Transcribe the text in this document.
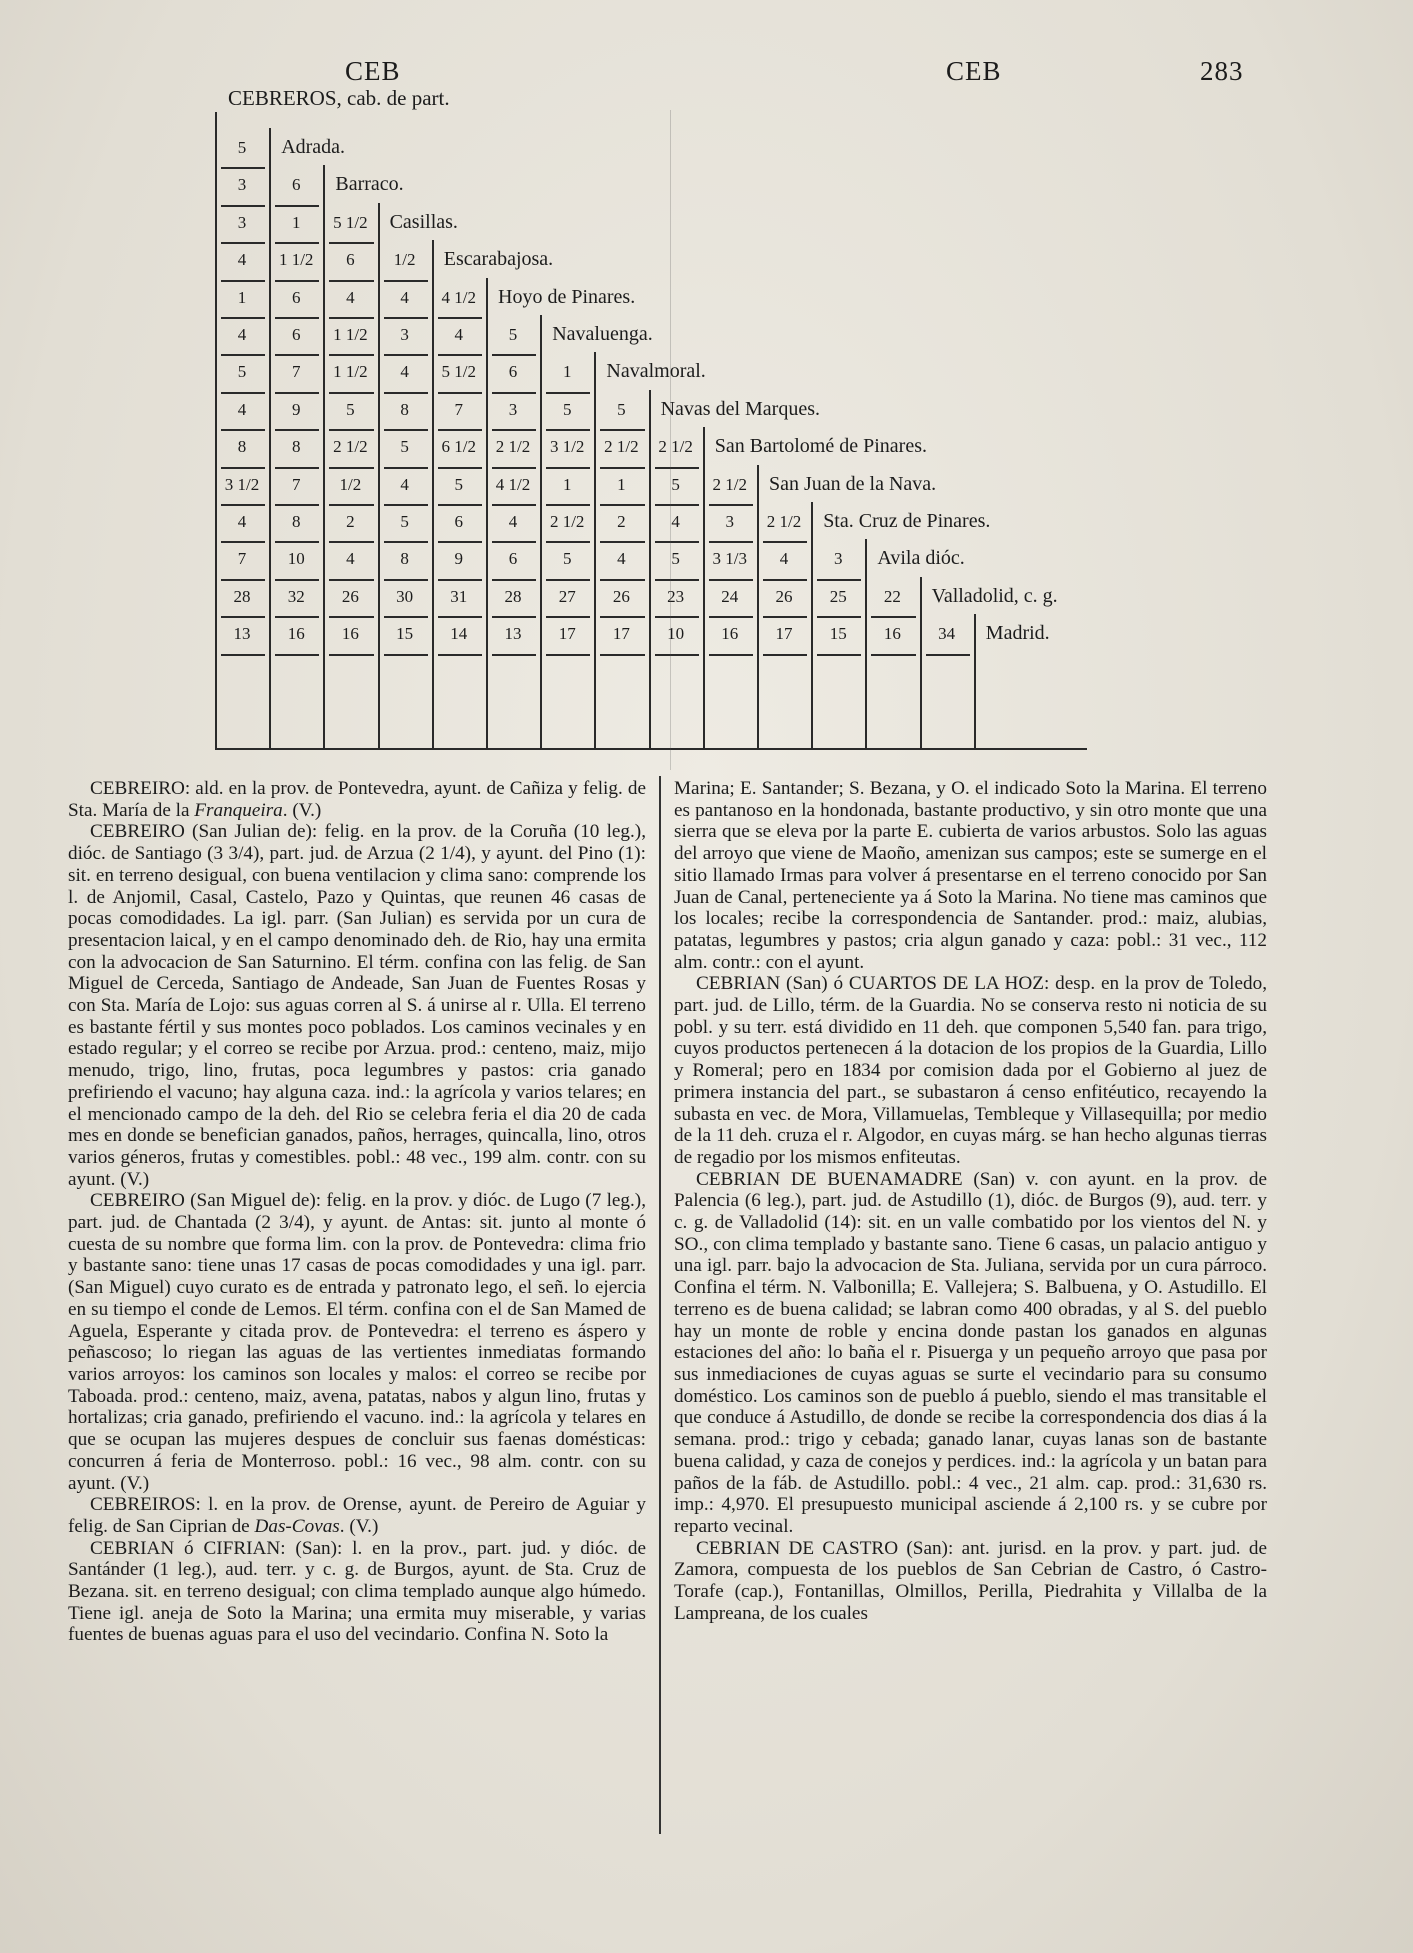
CEB	CEB	283
CEBREROS, cab. de part.
5	Adrada.
3	6	Barraco.
3	1	5 1/2	Casillas.
4	1 1/2	6	1/2	Escarabajosa.
1	6	4	4	4 1/2	Hoyo de Pinares.
4	6	1 1/2	3	4	5	Navaluenga.
5	7	1 1/2	4	5 1/2	6	1	Navalmoral.
4	9	5	8	7	3	5	5	Navas del Marques.
8	8	2 1/2	5	6 1/2	2 1/2	3 1/2	2 1/2	2 1/2	San Bartolomé de Pinares.
3 1/2	7	1/2	4	5	4 1/2	1	1	5	2 1/2	San Juan de la Nava.
4	8	2	5	6	4	2 1/2	2	4	3	2 1/2	Sta. Cruz de Pinares.
7	10	4	8	9	6	5	4	5	3 1/3	4	3	Avila dióc.
28	32	26	30	31	28	27	26	23	24	26	25	22	Valladolid, c. g.
13	16	16	15	14	13	17	17	10	16	17	15	16	34	Madrid.

CEBREIRO: ald. en la prov. de Pontevedra, ayunt. de Cañiza y felig. de Sta. María de la Franqueira. (V.)

CEBREIRO (San Julian de): felig. en la prov. de la Coruña (10 leg.), dióc. de Santiago (3 3/4), part. jud. de Arzua (2 1/4), y ayunt. del Pino (1): sit. en terreno desigual, con buena ventilacion y clima sano: comprende los l. de Anjomil, Casal, Castelo, Pazo y Quintas, que reunen 46 casas de pocas comodidades. La igl. parr. (San Julian) es servida por un cura de presentacion laical, y en el campo denominado deh. de Rio, hay una ermita con la advocacion de San Saturnino. El térm. confina con las felig. de San Miguel de Cerceda, Santiago de Andeade, San Juan de Fuentes Rosas y con Sta. María de Lojo: sus aguas corren al S. á unirse al r. Ulla. El terreno es bastante fértil y sus montes poco poblados. Los caminos vecinales y en estado regular; y el correo se recibe por Arzua. prod.: centeno, maiz, mijo menudo, trigo, lino, frutas, poca legumbres y pastos: cria ganado prefiriendo el vacuno; hay alguna caza. ind.: la agrícola y varios telares; en el mencionado campo de la deh. del Rio se celebra feria el dia 20 de cada mes en donde se benefician ganados, paños, herrages, quincalla, lino, otros varios géneros, frutas y comestibles. pobl.: 48 vec., 199 alm. contr. con su ayunt. (V.)

CEBREIRO (San Miguel de): felig. en la prov. y dióc. de Lugo (7 leg.), part. jud. de Chantada (2 3/4), y ayunt. de Antas: sit. junto al monte ó cuesta de su nombre que forma lim. con la prov. de Pontevedra: clima frio y bastante sano: tiene unas 17 casas de pocas comodidades y una igl. parr. (San Miguel) cuyo curato es de entrada y patronato lego, el señ. lo ejercia en su tiempo el conde de Lemos. El térm. confina con el de San Mamed de Aguela, Esperante y citada prov. de Pontevedra: el terreno es áspero y peñascoso; lo riegan las aguas de las vertientes inmediatas formando varios arroyos: los caminos son locales y malos: el correo se recibe por Taboada. prod.: centeno, maiz, avena, patatas, nabos y algun lino, frutas y hortalizas; cria ganado, prefiriendo el vacuno. ind.: la agrícola y telares en que se ocupan las mujeres despues de concluir sus faenas domésticas: concurren á feria de Monterroso. pobl.: 16 vec., 98 alm. contr. con su ayunt. (V.)

CEBREIROS: l. en la prov. de Orense, ayunt. de Pereiro de Aguiar y felig. de San Ciprian de Das-Covas. (V.)

CEBRIAN ó CIFRIAN: (San): l. en la prov., part. jud. y dióc. de Santánder (1 leg.), aud. terr. y c. g. de Burgos, ayunt. de Sta. Cruz de Bezana. sit. en terreno desigual; con clima templado aunque algo húmedo. Tiene igl. aneja de Soto la Marina; una ermita muy miserable, y varias fuentes de buenas aguas para el uso del vecindario. Confina N. Soto la

Marina; E. Santander; S. Bezana, y O. el indicado Soto la Marina. El terreno es pantanoso en la hondonada, bastante productivo, y sin otro monte que una sierra que se eleva por la parte E. cubierta de varios arbustos. Solo las aguas del arroyo que viene de Maoño, amenizan sus campos; este se sumerge en el sitio llamado Irmas para volver á presentarse en el terreno conocido por San Juan de Canal, perteneciente ya á Soto la Marina. No tiene mas caminos que los locales; recibe la correspondencia de Santander. prod.: maiz, alubias, patatas, legumbres y pastos; cria algun ganado y caza: pobl.: 31 vec., 112 alm. contr.: con el ayunt.

CEBRIAN (San) ó CUARTOS DE LA HOZ: desp. en la prov de Toledo, part. jud. de Lillo, térm. de la Guardia. No se conserva resto ni noticia de su pobl. y su terr. está dividido en 11 deh. que componen 5,540 fan. para trigo, cuyos productos pertenecen á la dotacion de los propios de la Guardia, Lillo y Romeral; pero en 1834 por comision dada por el Gobierno al juez de primera instancia del part., se subastaron á censo enfitéutico, recayendo la subasta en vec. de Mora, Villamuelas, Tembleque y Villasequilla; por medio de la 11 deh. cruza el r. Algodor, en cuyas márg. se han hecho algunas tierras de regadio por los mismos enfiteutas.

CEBRIAN DE BUENAMADRE (San) v. con ayunt. en la prov. de Palencia (6 leg.), part. jud. de Astudillo (1), dióc. de Burgos (9), aud. terr. y c. g. de Valladolid (14): sit. en un valle combatido por los vientos del N. y SO., con clima templado y bastante sano. Tiene 6 casas, un palacio antiguo y una igl. parr. bajo la advocacion de Sta. Juliana, servida por un cura párroco. Confina el térm. N. Valbonilla; E. Vallejera; S. Balbuena, y O. Astudillo. El terreno es de buena calidad; se labran como 400 obradas, y al S. del pueblo hay un monte de roble y encina donde pastan los ganados en algunas estaciones del año: lo baña el r. Pisuerga y un pequeño arroyo que pasa por sus inmediaciones de cuyas aguas se surte el vecindario para su consumo doméstico. Los caminos son de pueblo á pueblo, siendo el mas transitable el que conduce á Astudillo, de donde se recibe la correspondencia dos dias á la semana. prod.: trigo y cebada; ganado lanar, cuyas lanas son de bastante buena calidad, y caza de conejos y perdices. ind.: la agrícola y un batan para paños de la fáb. de Astudillo. pobl.: 4 vec., 21 alm. cap. prod.: 31,630 rs. imp.: 4,970. El presupuesto municipal asciende á 2,100 rs. y se cubre por reparto vecinal.

CEBRIAN DE CASTRO (San): ant. jurisd. en la prov. y part. jud. de Zamora, compuesta de los pueblos de San Cebrian de Castro, ó Castro-Torafe (cap.), Fontanillas, Olmillos, Perilla, Piedrahita y Villalba de la Lampreana, de los cuales
